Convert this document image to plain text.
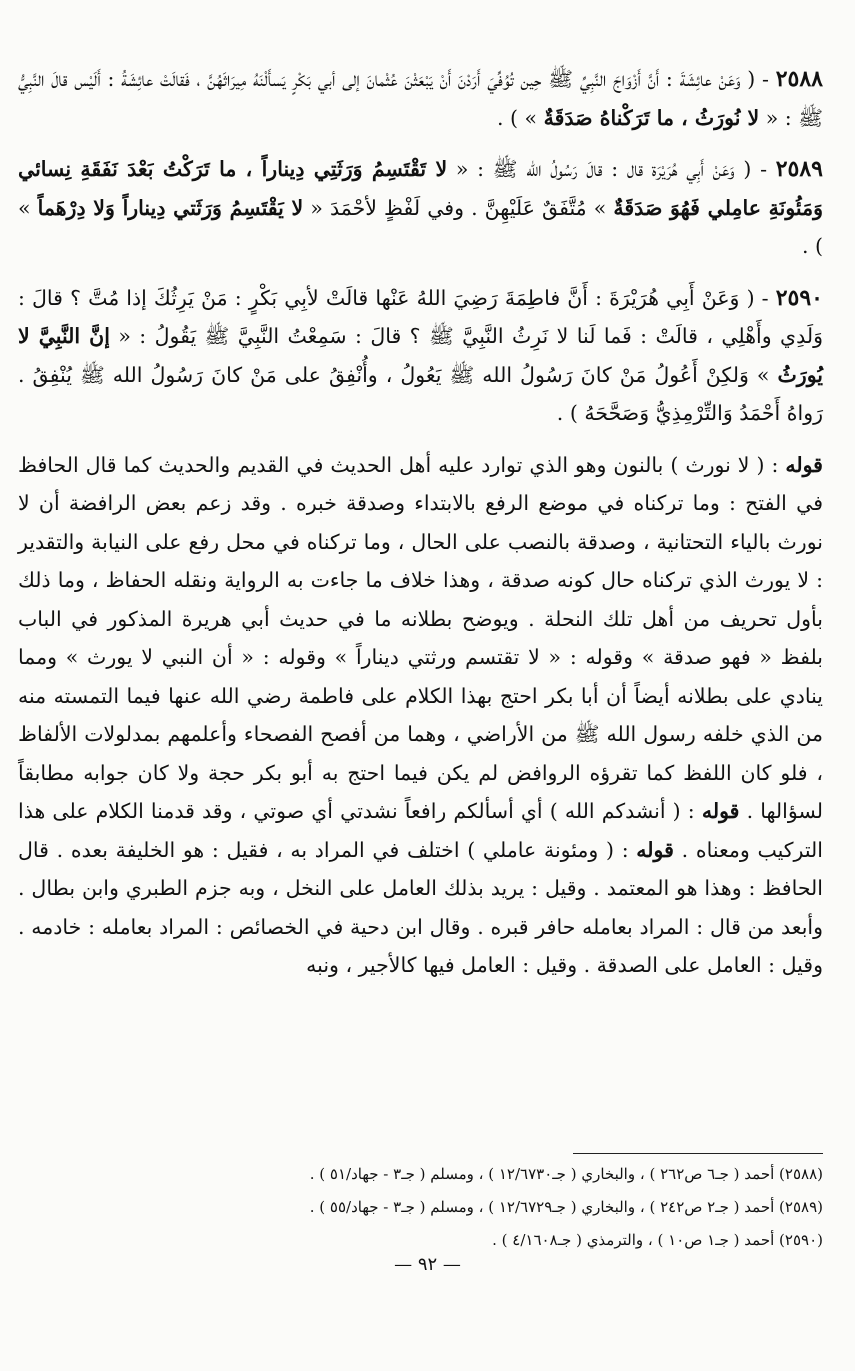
٢٥٨٨ - ( وَعَنْ عائِشَةَ : أَنَّ أَزْوَاجَ النَّبِيِّ ﷺ حِين تُوُفِّيَ أَرَدْنَ أَنْ يَبْعَثْنَ عُثْمانَ إلى أبي بَكْرٍ يَسأَلْنَهُ مِيرَاثَهُنَّ ، فَقالَتْ عائِشَةُ : أَلَيْس قالَ النَّبِيُّ ﷺ : « لا نُورَثُ ، ما تَرَكْناهُ صَدَقَةٌ » ) .

٢٥٨٩ - ( وَعَنْ أَبِي هُرَيْرَة قال : قالَ رَسُولُ الله ﷺ : « لا تَقْتَسِمُ وَرَثَتِي دِيناراً ، ما تَرَكْتُ بَعْدَ نَفَقَةِ نِسائي وَمَئُونَةِ عامِلي فَهُوَ صَدَقَةٌ » مُتَّفَقٌ عَلَيْهِنَّ . وفي لَفْظٍ لأحْمَدَ « لا يَقْتَسِمُ وَرَثَتي دِيناراً وَلا دِرْهَماً » ) .

٢٥٩٠ - ( وَعَنْ أَبِي هُرَيْرَةَ : أَنَّ فاطِمَةَ رَضِيَ اللهُ عَنْها قالَتْ لأبِي بَكْرٍ : مَنْ يَرِثُكَ إذا مُتَّ ؟ قالَ : وَلَدِي وأَهْلِي ، قالَتْ : فَما لَنا لا نَرِثُ النَّبِيَّ ﷺ ؟ قالَ : سَمِعْتُ النَّبِيَّ ﷺ يَقُولُ : « إنَّ النَّبِيَّ لا يُورَثُ » وَلكِنْ أَعُولُ مَنْ كانَ رَسُولُ الله ﷺ يَعُولُ ، وأُنْفِقُ على مَنْ كانَ رَسُولُ الله ﷺ يُنْفِقُ . رَواهُ أَحْمَدُ وَالتِّرْمِذِيُّ وَصَحَّحَهُ ) .

قوله : ( لا نورث ) بالنون وهو الذي توارد عليه أهل الحديث في القديم والحديث كما قال الحافظ في الفتح : وما تركناه في موضع الرفع بالابتداء وصدقة خبره . وقد زعم بعض الرافضة أن لا نورث بالياء التحتانية ، وصدقة بالنصب على الحال ، وما تركناه في محل رفع على النيابة والتقدير : لا يورث الذي تركناه حال كونه صدقة ، وهذا خلاف ما جاءت به الرواية ونقله الحفاظ ، وما ذلك بأول تحريف من أهل تلك النحلة . ويوضح بطلانه ما في حديث أبي هريرة المذكور في الباب بلفظ « فهو صدقة » وقوله : « لا تقتسم ورثتي ديناراً » وقوله : « أن النبي لا يورث » ومما ينادي على بطلانه أيضاً أن أبا بكر احتج بهذا الكلام على فاطمة رضي الله عنها فيما التمسته منه من الذي خلفه رسول الله ﷺ من الأراضي ، وهما من أفصح الفصحاء وأعلمهم بمدلولات الألفاظ ، فلو كان اللفظ كما تقرؤه الروافض لم يكن فيما احتج به أبو بكر حجة ولا كان جوابه مطابقاً لسؤالها . قوله : ( أنشدكم الله ) أي أسألكم رافعاً نشدتي أي صوتي ، وقد قدمنا الكلام على هذا التركيب ومعناه . قوله : ( ومئونة عاملي ) اختلف في المراد به ، فقيل : هو الخليفة بعده . قال الحافظ : وهذا هو المعتمد . وقيل : يريد بذلك العامل على النخل ، وبه جزم الطبري وابن بطال . وأبعد من قال : المراد بعامله حافر قبره . وقال ابن دحية في الخصائص : المراد بعامله : خادمه . وقيل : العامل على الصدقة . وقيل : العامل فيها كالأجير ، ونبه

(٢٥٨٨) أحمد ( جـ٦ ص٢٦٢ ) ، والبخاري ( جـ١٢/٦٧٣٠ ) ، ومسلم ( جـ٣ - جهاد/٥١ ) .
(٢٥٨٩) أحمد ( جـ٢ ص٢٤٢ ) ، والبخاري ( جـ١٢/٦٧٢٩ ) ، ومسلم ( جـ٣ - جهاد/٥٥ ) .
(٢٥٩٠) أحمد ( جـ١ ص١٠ ) ، والترمذي ( جـ٤/١٦٠٨ ) .
— ٩٢ —
